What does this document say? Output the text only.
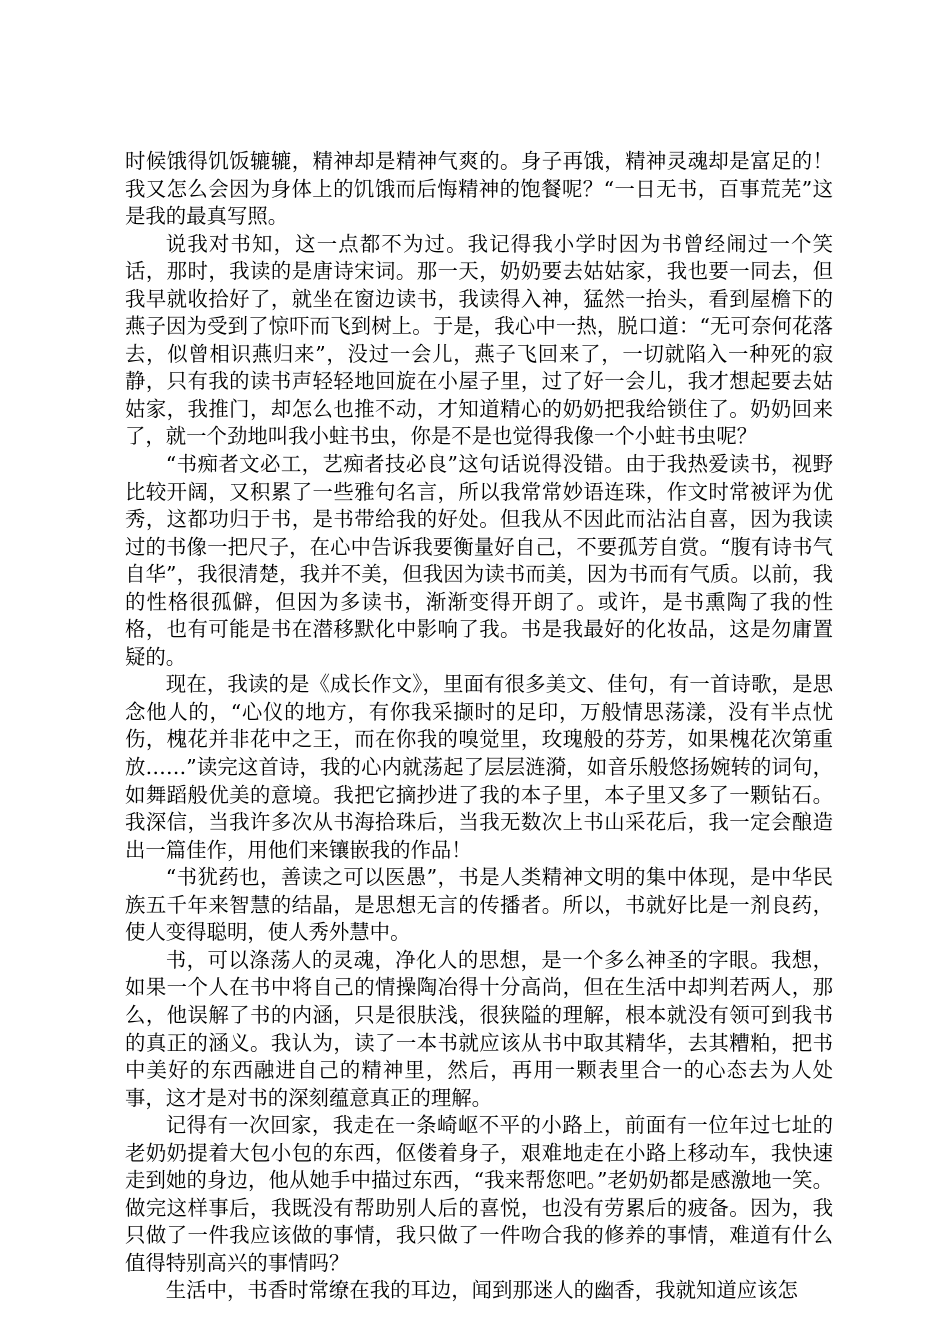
时候饿得饥饭辘辘，精神却是精神气爽的。身子再饿，精神灵魂却是富足的！我又怎么会因为身体上的饥饿而后悔精神的饱餐呢？“一日无书，百事荒芜”这是我的最真写照。

说我对书知，这一点都不为过。我记得我小学时因为书曾经闹过一个笑话，那时，我读的是唐诗宋词。那一天，奶奶要去姑姑家，我也要一同去，但我早就收拾好了，就坐在窗边读书，我读得入神，猛然一抬头，看到屋檐下的燕子因为受到了惊吓而飞到树上。于是，我心中一热，脱口道：“无可奈何花落去，似曾相识燕归来”，没过一会儿，燕子飞回来了，一切就陷入一种死的寂静，只有我的读书声轻轻地回旋在小屋子里，过了好一会儿，我才想起要去姑姑家，我推门，却怎么也推不动，才知道精心的奶奶把我给锁住了。奶奶回来了，就一个劲地叫我小蛀书虫，你是不是也觉得我像一个小蛀书虫呢？

“书痴者文必工，艺痴者技必良”这句话说得没错。由于我热爱读书，视野比较开阔，又积累了一些雅句名言，所以我常常妙语连珠，作文时常被评为优秀，这都功归于书，是书带给我的好处。但我从不因此而沾沾自喜，因为我读过的书像一把尺子，在心中告诉我要衡量好自己，不要孤芳自赏。“腹有诗书气自华”，我很清楚，我并不美，但我因为读书而美，因为书而有气质。以前，我的性格很孤僻，但因为多读书，渐渐变得开朗了。或许，是书熏陶了我的性格，也有可能是书在潜移默化中影响了我。书是我最好的化妆品，这是勿庸置疑的。

现在，我读的是《成长作文》，里面有很多美文、佳句，有一首诗歌，是思念他人的，“心仪的地方，有你我采撷时的足印，万般情思荡漾，没有半点忧伤，槐花并非花中之王，而在你我的嗅觉里，玫瑰般的芬芳，如果槐花次第重放……”读完这首诗，我的心内就荡起了层层涟漪，如音乐般悠扬婉转的词句，如舞蹈般优美的意境。我把它摘抄进了我的本子里，本子里又多了一颗钻石。我深信，当我许多次从书海拾珠后，当我无数次上书山采花后，我一定会酿造出一篇佳作，用他们来镶嵌我的作品！

“书犹药也，善读之可以医愚”，书是人类精神文明的集中体现，是中华民族五千年来智慧的结晶，是思想无言的传播者。所以，书就好比是一剂良药，使人变得聪明，使人秀外慧中。

书，可以涤荡人的灵魂，净化人的思想，是一个多么神圣的字眼。我想，如果一个人在书中将自己的情操陶冶得十分高尚，但在生活中却判若两人，那么，他误解了书的内涵，只是很肤浅，很狭隘的理解，根本就没有领可到我书的真正的涵义。我认为，读了一本书就应该从书中取其精华，去其糟粕，把书中美好的东西融进自己的精神里，然后，再用一颗表里合一的心态去为人处事，这才是对书的深刻蕴意真正的理解。

记得有一次回家，我走在一条崎岖不平的小路上，前面有一位年过七址的老奶奶提着大包小包的东西，伛偻着身子，艰难地走在小路上移动车，我快速走到她的身边，他从她手中描过东西，“我来帮您吧。”老奶奶都是感激地一笑。做完这样事后，我既没有帮助别人后的喜悦，也没有劳累后的疲备。因为，我只做了一件我应该做的事情，我只做了一件吻合我的修养的事情，难道有什么值得特别高兴的事情吗？

生活中，书香时常缭在我的耳边，闻到那迷人的幽香，我就知道应该怎
